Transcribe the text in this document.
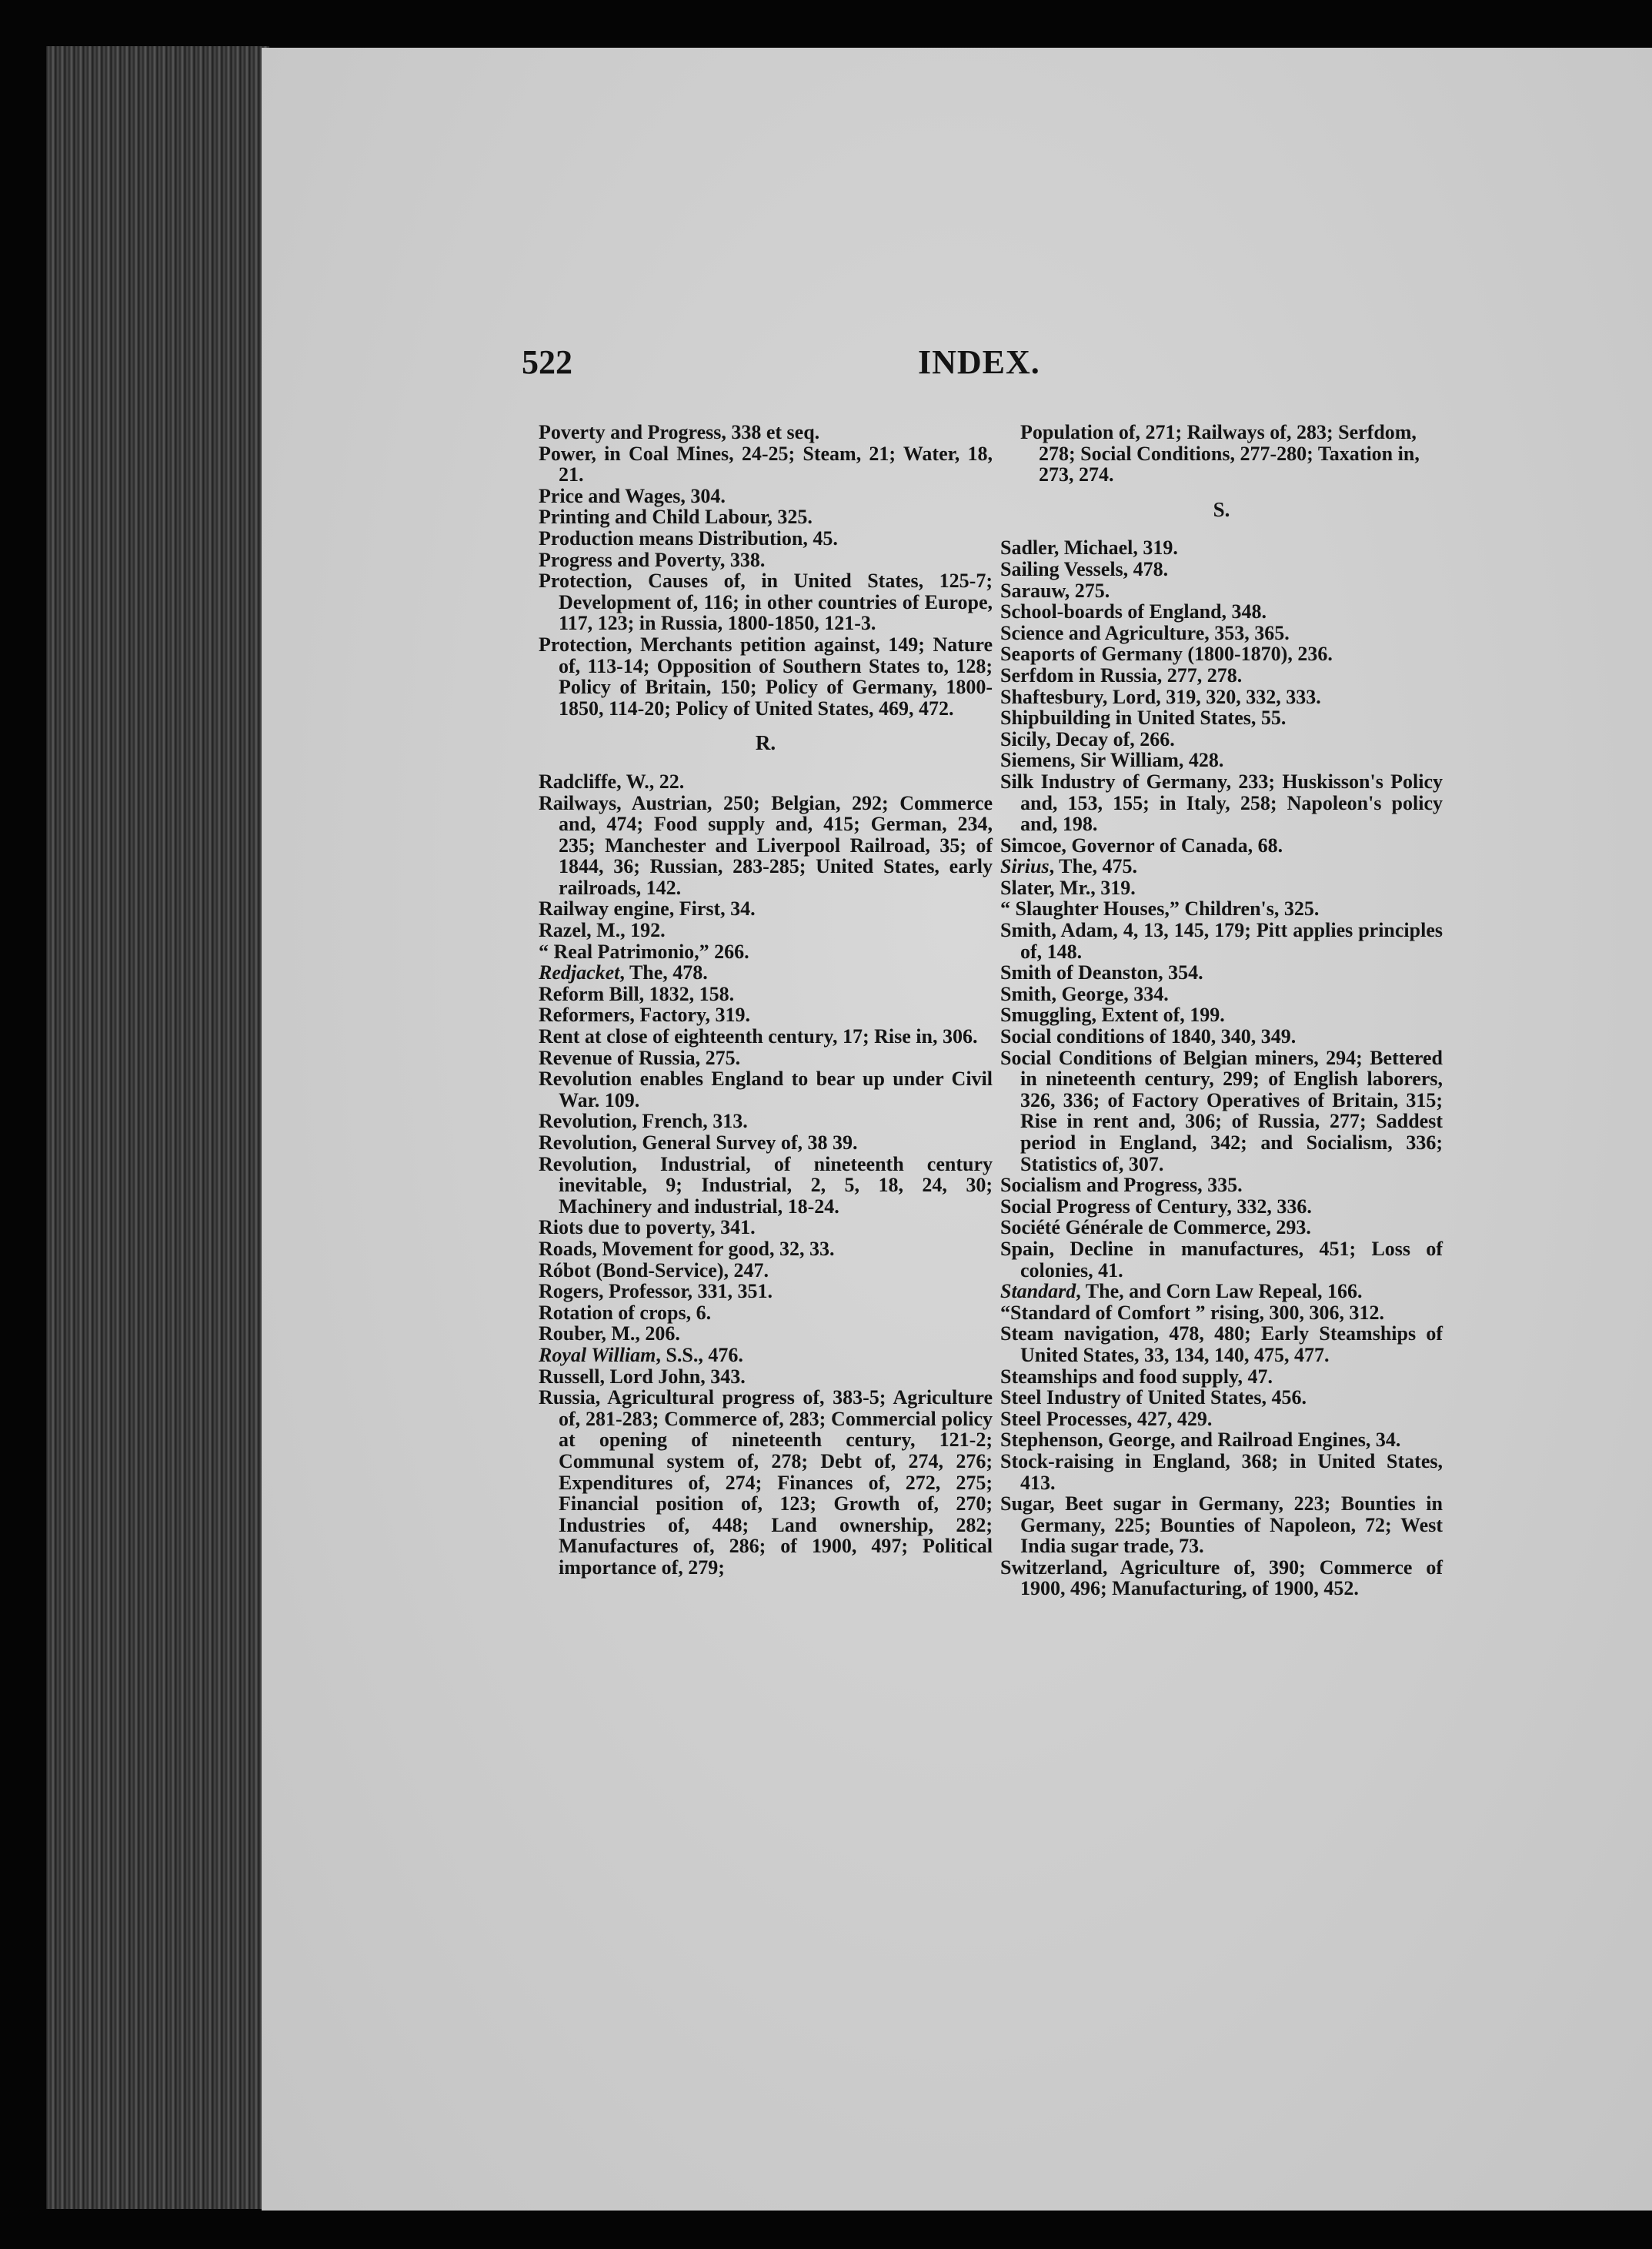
522	INDEX.

Poverty and Progress, 338 et seq.

Power, in Coal Mines, 24-25; Steam, 21; Water, 18, 21.

Price and Wages, 304.

Printing and Child Labour, 325.

Production means Distribution, 45.

Progress and Poverty, 338.

Protection, Causes of, in United States, 125-7; Development of, 116; in other countries of Europe, 117, 123; in Russia, 1800-1850, 121-3.

Protection, Merchants petition against, 149; Nature of, 113-14; Opposition of Southern States to, 128; Policy of Britain, 150; Policy of Germany, 1800-1850, 114-20; Policy of United States, 469, 472.

R.

Radcliffe, W., 22.

Railways, Austrian, 250; Belgian, 292; Commerce and, 474; Food supply and, 415; German, 234, 235; Manchester and Liverpool Railroad, 35; of 1844, 36; Russian, 283-285; United States, early railroads, 142.

Railway engine, First, 34.

Razel, M., 192.

“ Real Patrimonio,” 266.

Redjacket, The, 478.

Reform Bill, 1832, 158.

Reformers, Factory, 319.

Rent at close of eighteenth century, 17; Rise in, 306.

Revenue of Russia, 275.

Revolution enables England to bear up under Civil War. 109.

Revolution, French, 313.

Revolution, General Survey of, 38 39.

Revolution, Industrial, of nineteenth century inevitable, 9; Industrial, 2, 5, 18, 24, 30; Machinery and industrial, 18-24.

Riots due to poverty, 341.

Roads, Movement for good, 32, 33.

Róbot (Bond-Service), 247.

Rogers, Professor, 331, 351.

Rotation of crops, 6.

Rouber, M., 206.

Royal William, S.S., 476.

Russell, Lord John, 343.

Russia, Agricultural progress of, 383-5; Agriculture of, 281-283; Commerce of, 283; Commercial policy at opening of nineteenth century, 121-2; Communal system of, 278; Debt of, 274, 276; Expenditures of, 274; Finances of, 272, 275; Financial position of, 123; Growth of, 270; Industries of, 448; Land ownership, 282; Manufactures of, 286; of 1900, 497; Political importance of, 279;

Population of, 271; Railways of, 283; Serfdom, 278; Social Conditions, 277-280; Taxation in, 273, 274.

S.

Sadler, Michael, 319.

Sailing Vessels, 478.

Sarauw, 275.

School-boards of England, 348.

Science and Agriculture, 353, 365.

Seaports of Germany (1800-1870), 236.

Serfdom in Russia, 277, 278.

Shaftesbury, Lord, 319, 320, 332, 333.

Shipbuilding in United States, 55.

Sicily, Decay of, 266.

Siemens, Sir William, 428.

Silk Industry of Germany, 233; Huskisson's Policy and, 153, 155; in Italy, 258; Napoleon's policy and, 198.

Simcoe, Governor of Canada, 68.

Sirius, The, 475.

Slater, Mr., 319.

“ Slaughter Houses,” Children's, 325.

Smith, Adam, 4, 13, 145, 179; Pitt applies principles of, 148.

Smith of Deanston, 354.

Smith, George, 334.

Smuggling, Extent of, 199.

Social conditions of 1840, 340, 349.

Social Conditions of Belgian miners, 294; Bettered in nineteenth century, 299; of English laborers, 326, 336; of Factory Operatives of Britain, 315; Rise in rent and, 306; of Russia, 277; Saddest period in England, 342; and Socialism, 336; Statistics of, 307.

Socialism and Progress, 335.

Social Progress of Century, 332, 336.

Société Générale de Commerce, 293.

Spain, Decline in manufactures, 451; Loss of colonies, 41.

Standard, The, and Corn Law Repeal, 166.

“Standard of Comfort ” rising, 300, 306, 312.

Steam navigation, 478, 480; Early Steamships of United States, 33, 134, 140, 475, 477.

Steamships and food supply, 47.

Steel Industry of United States, 456.

Steel Processes, 427, 429.

Stephenson, George, and Railroad Engines, 34.

Stock-raising in England, 368; in United States, 413.

Sugar, Beet sugar in Germany, 223; Bounties in Germany, 225; Bounties of Napoleon, 72; West India sugar trade, 73.

Switzerland, Agriculture of, 390; Commerce of 1900, 496; Manufacturing, of 1900, 452.
